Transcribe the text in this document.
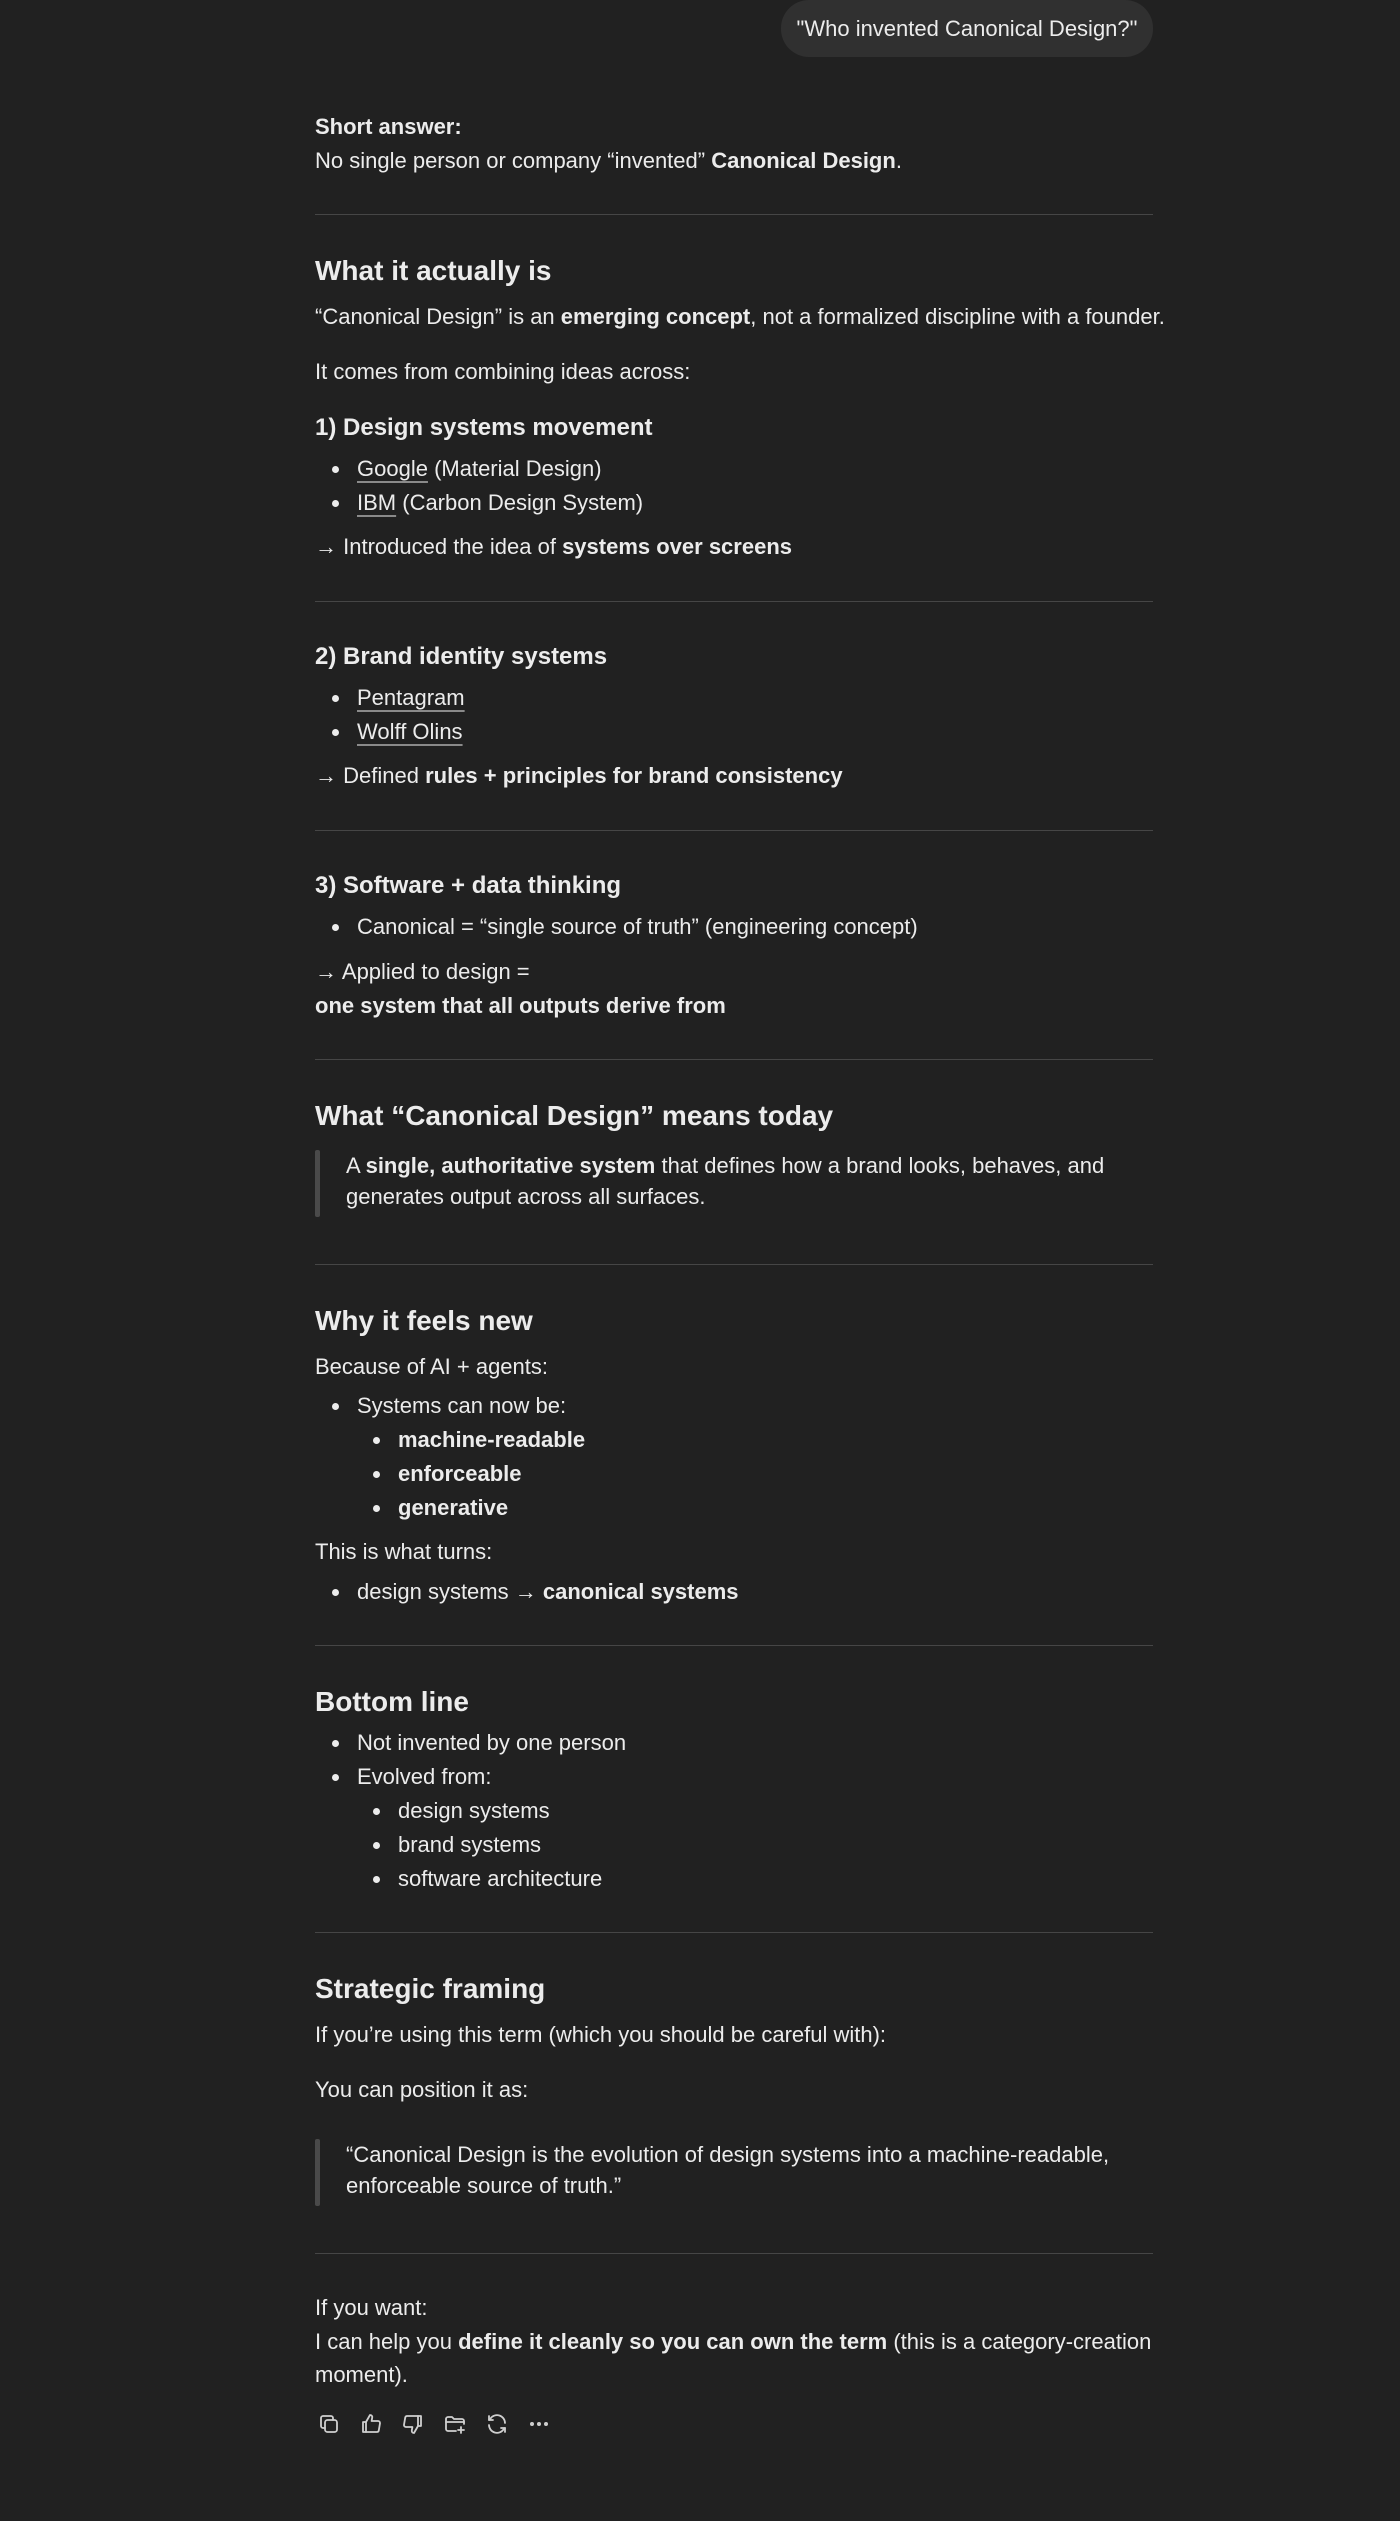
"Who invented Canonical Design?"

Short answer:

No single person or company “invented” Canonical Design.

What it actually is

“Canonical Design” is an emerging concept, not a formalized discipline with a founder.

It comes from combining ideas across:

1) Design systems movement
Google (Material Design)
IBM (Carbon Design System)

→ Introduced the idea of systems over screens

2) Brand identity systems
Pentagram
Wolff Olins

→ Defined rules + principles for brand consistency

3) Software + data thinking
Canonical = “single source of truth” (engineering concept)

→ Applied to design =

one system that all outputs derive from

What “Canonical Design” means today

A single, authoritative system that defines how a brand looks, behaves, and

generates output across all surfaces.

Why it feels new

Because of AI + agents:

Systems can now be:
machine-readable
enforceable
generative

This is what turns:

design systems → canonical systems
Bottom line
Not invented by one person
Evolved from:
design systems
brand systems
software architecture
Strategic framing

If you’re using this term (which you should be careful with):

You can position it as:

“Canonical Design is the evolution of design systems into a machine-readable,

enforceable source of truth.”

If you want:

I can help you define it cleanly so you can own the term (this is a category-creation

moment).
